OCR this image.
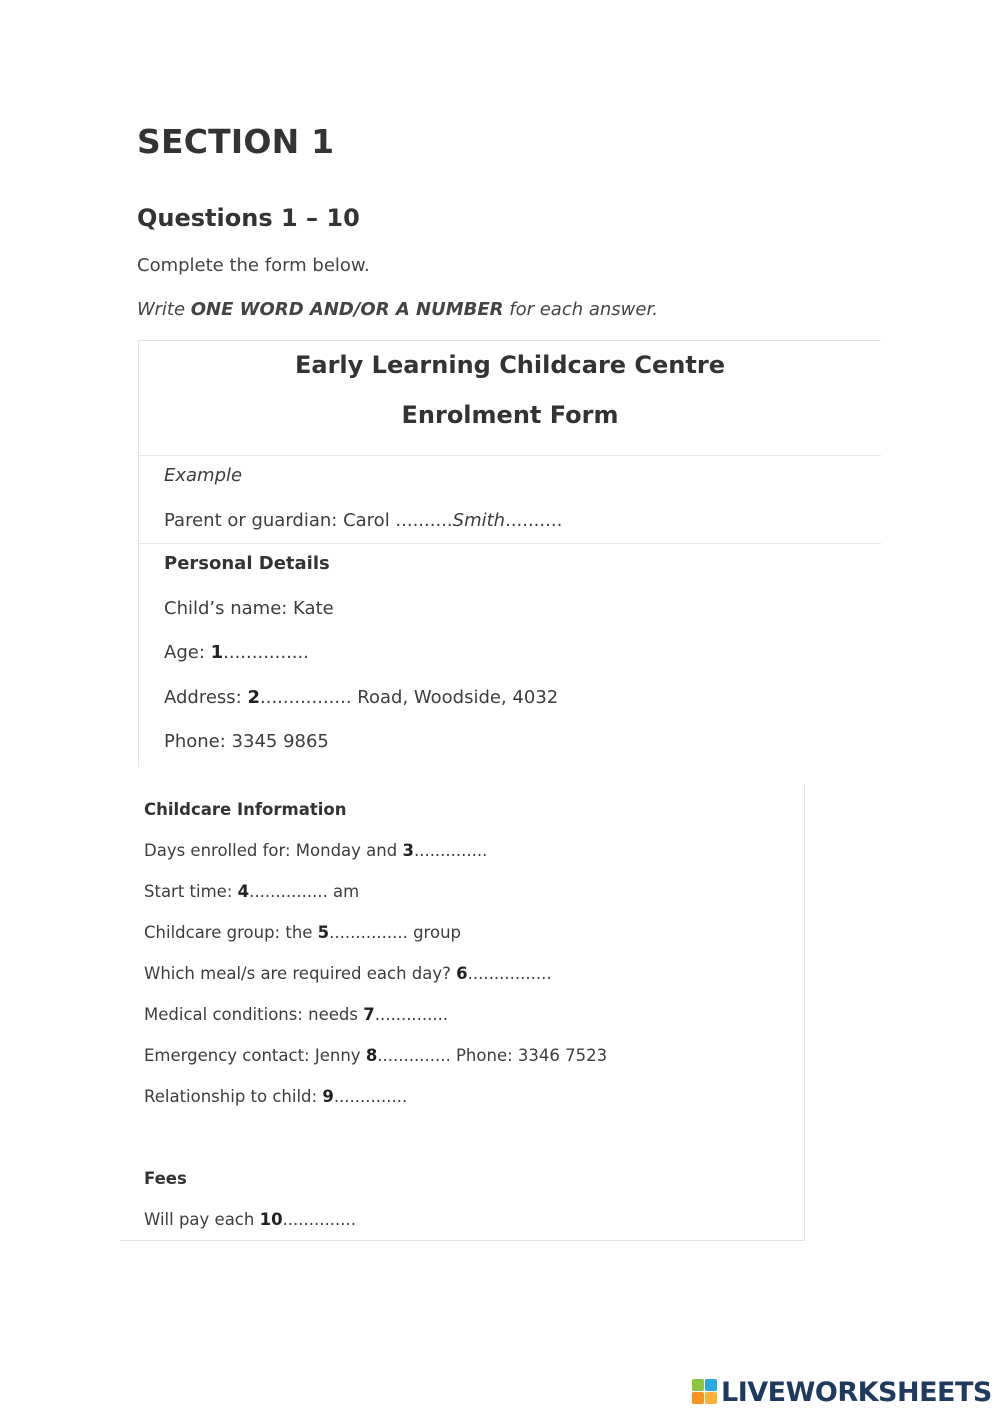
SECTION 1
Questions 1 – 10
Complete the form below.
Write ONE WORD AND/OR A NUMBER for each answer.
Early Learning Childcare Centre
Enrolment Form
Example
Parent or guardian: Carol ..........Smith..........
Personal Details
Child’s name: Kate
Age: 1...............
Address: 2................ Road, Woodside, 4032
Phone: 3345 9865
Childcare Information
Days enrolled for: Monday and 3..............
Start time: 4............... am
Childcare group: the 5............... group
Which meal/s are required each day? 6................
Medical conditions: needs 7..............
Emergency contact: Jenny 8.............. Phone: 3346 7523
Relationship to child: 9..............
Fees
Will pay each 10..............
LIVEWORKSHEETS
